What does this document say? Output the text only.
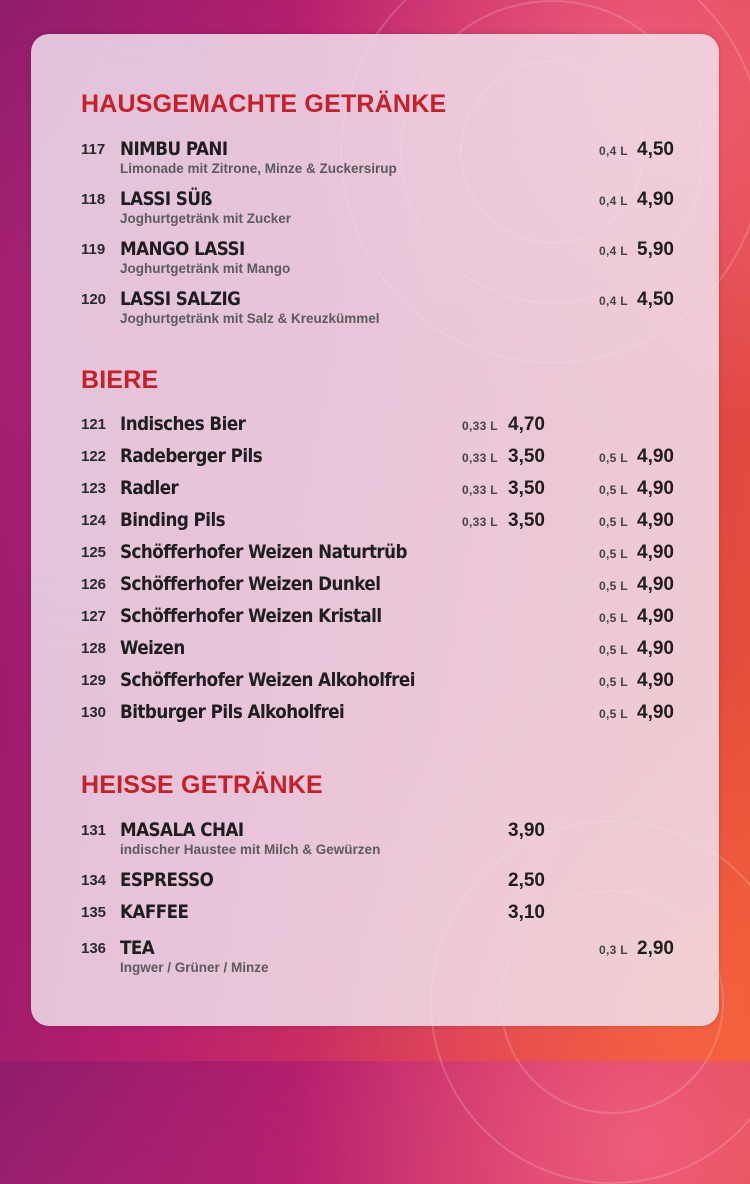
HAUSGEMACHTE GETRÄNKE
117 NIMBU PANI
Limonade mit Zitrone, Minze & Zuckersirup
0,4 L 4,50
118 LASSI SÜß
Joghurtgetränk mit Zucker
0,4 L 4,90
119 MANGO LASSI
Joghurtgetränk mit Mango
0,4 L 5,90
120 LASSI SALZIG
Joghurtgetränk mit Salz & Kreuzkümmel
0,4 L 4,50
BIERE
121 Indisches Bier	0,33 L 4,70
122 Radeberger Pils	0,33 L 3,50	0,5 L 4,90
123 Radler	0,33 L 3,50	0,5 L 4,90
124 Binding Pils	0,33 L 3,50	0,5 L 4,90
125 Schöfferhofer Weizen Naturtrüb	0,5 L 4,90
126 Schöfferhofer Weizen Dunkel	0,5 L 4,90
127 Schöfferhofer Weizen Kristall	0,5 L 4,90
128 Weizen	0,5 L 4,90
129 Schöfferhofer Weizen Alkoholfrei	0,5 L 4,90
130 Bitburger Pils Alkoholfrei	0,5 L 4,90
HEISSE GETRÄNKE
131 MASALA CHAI
indischer Haustee mit Milch & Gewürzen
3,90
134 ESPRESSO	2,50
135 KAFFEE	3,10
136 TEA
Ingwer / Grüner / Minze
0,3 L 2,90
